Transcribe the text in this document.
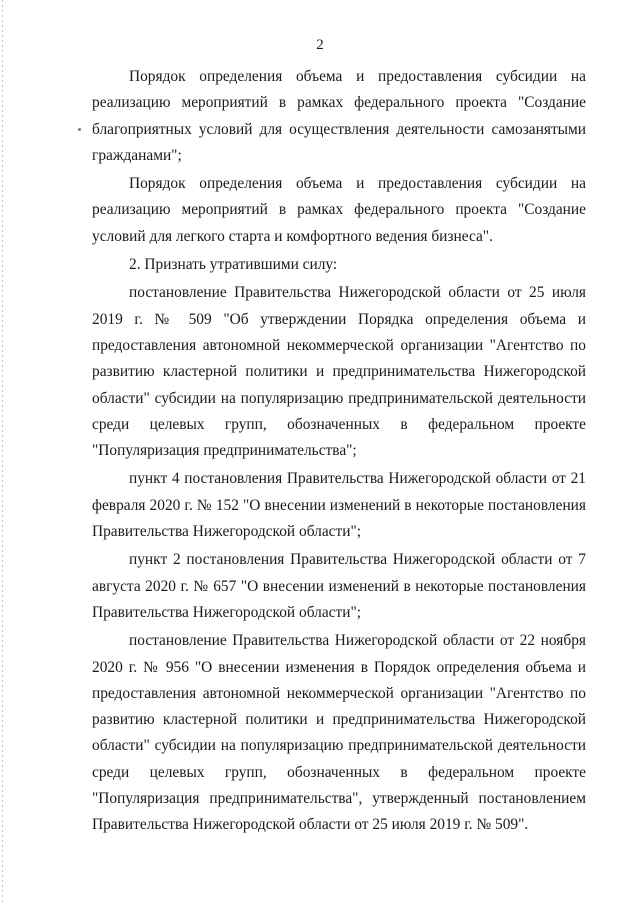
2

Порядок определения объема и предоставления субсидии на реализацию мероприятий в рамках федерального проекта "Создание благоприятных условий для осуществления деятельности самозанятыми гражданами";

Порядок определения объема и предоставления субсидии на реализацию мероприятий в рамках федерального проекта "Создание условий для легкого старта и комфортного ведения бизнеса".

2. Признать утратившими силу:

постановление Правительства Нижегородской области от 25 июля 2019 г. № 509 "Об утверждении Порядка определения объема и предоставления автономной некоммерческой организации "Агентство по развитию кластерной политики и предпринимательства Нижегородской области" субсидии на популяризацию предпринимательской деятельности среди целевых групп, обозначенных в федеральном проекте "Популяризация предпринимательства";

пункт 4 постановления Правительства Нижегородской области от 21 февраля 2020 г. № 152 "О внесении изменений в некоторые постановления Правительства Нижегородской области";

пункт 2 постановления Правительства Нижегородской области от 7 августа 2020 г. № 657 "О внесении изменений в некоторые постановления Правительства Нижегородской области";

постановление Правительства Нижегородской области от 22 ноября 2020 г. № 956 "О внесении изменения в Порядок определения объема и предоставления автономной некоммерческой организации "Агентство по развитию кластерной политики и предпринимательства Нижегородской области" субсидии на популяризацию предпринимательской деятельности среди целевых групп, обозначенных в федеральном проекте "Популяризация предпринимательства", утвержденный постановлением Правительства Нижегородской области от 25 июля 2019 г. № 509".
